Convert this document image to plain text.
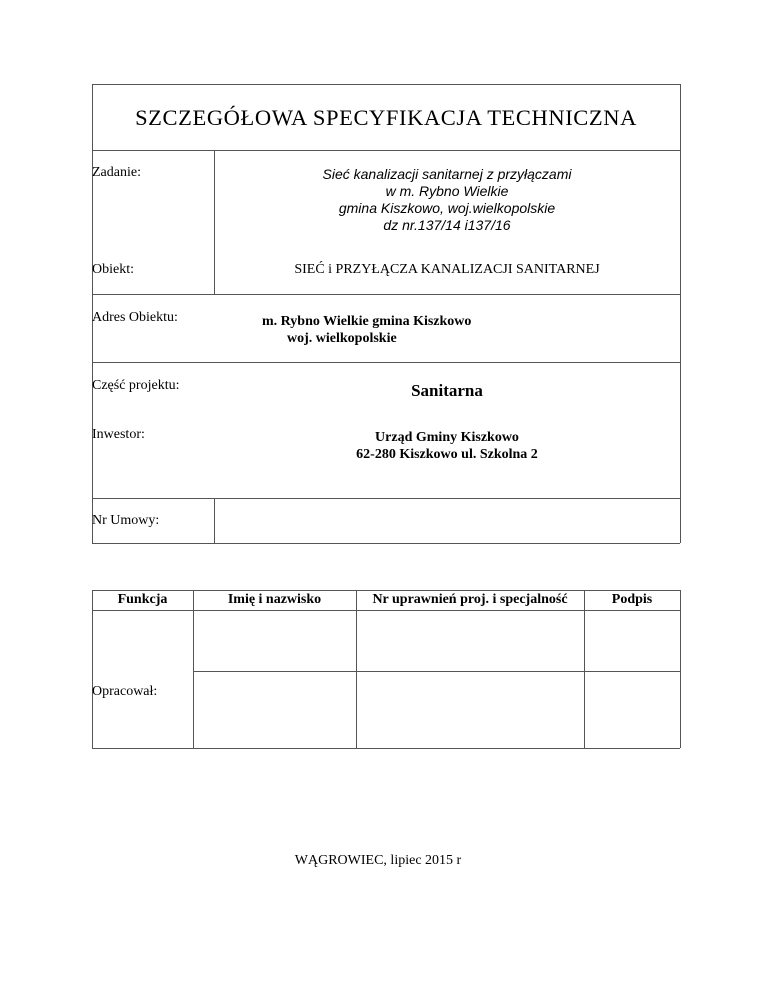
SZCZEGÓŁOWA SPECYFIKACJA TECHNICZNA
Zadanie:	Sieć kanalizacji sanitarnej z przyłączami
w m. Rybno Wielkie
gmina Kiszkowo, woj.wielkopolskie
dz nr.137/14 i137/16
Obiekt:	SIEĆ i PRZYŁĄCZA KANALIZACJI SANITARNEJ
Adres Obiektu:	m. Rybno Wielkie gmina Kiszkowo
woj. wielkopolskie
Część projektu:	Sanitarna
Inwestor:	Urząd Gminy Kiszkowo
62-280 Kiszkowo ul. Szkolna 2
Nr Umowy:
Funkcja	Imię i nazwisko	Nr uprawnień proj. i specjalność	Podpis
Opracował:
WĄGROWIEC, lipiec 2015 r
